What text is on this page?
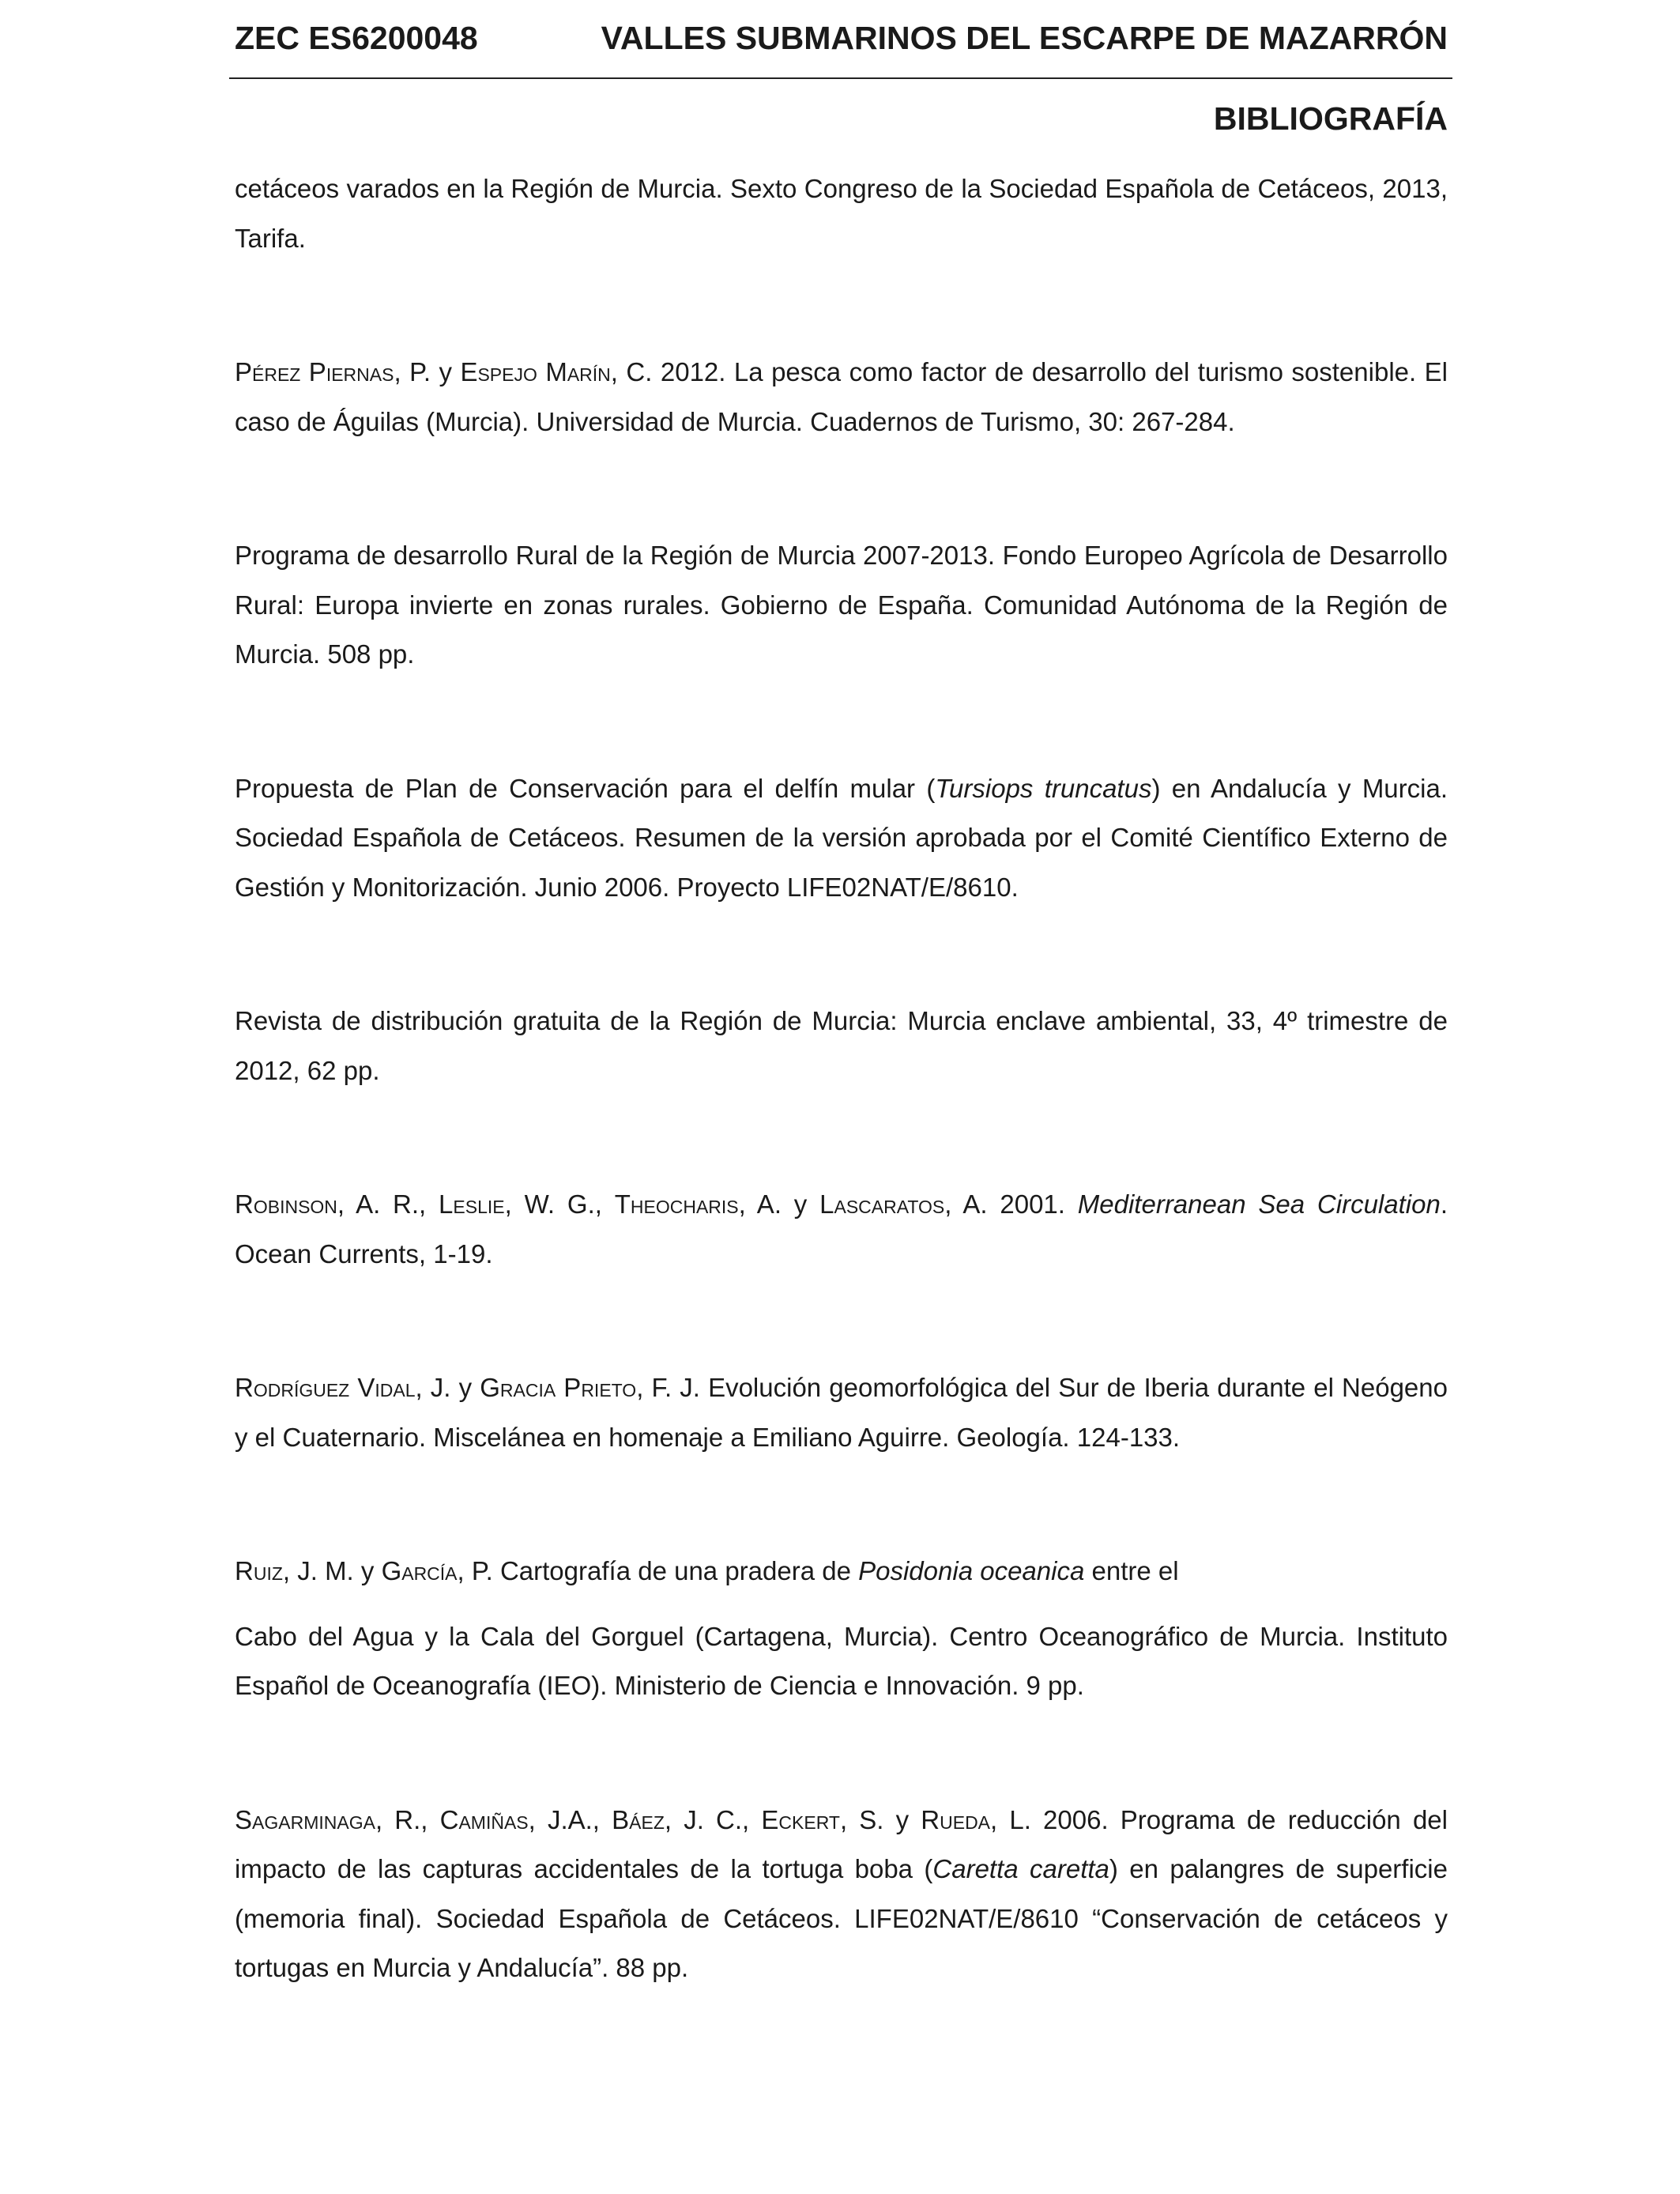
ZEC ES6200048	VALLES SUBMARINOS DEL ESCARPE DE MAZARRÓN
BIBLIOGRAFÍA

cetáceos varados en la Región de Murcia. Sexto Congreso de la Sociedad Española de Cetáceos, 2013, Tarifa.

Pérez Piernas, P. y Espejo Marín, C. 2012. La pesca como factor de desarrollo del turismo sostenible. El caso de Águilas (Murcia). Universidad de Murcia. Cuadernos de Turismo, 30: 267-284.

Programa de desarrollo Rural de la Región de Murcia 2007-2013. Fondo Europeo Agrícola de Desarrollo Rural: Europa invierte en zonas rurales. Gobierno de España. Comunidad Autónoma de la Región de Murcia. 508 pp.

Propuesta de Plan de Conservación para el delfín mular (Tursiops truncatus) en Andalucía y Murcia. Sociedad Española de Cetáceos. Resumen de la versión aprobada por el Comité Científico Externo de Gestión y Monitorización. Junio 2006. Proyecto LIFE02NAT/E/8610.

Revista de distribución gratuita de la Región de Murcia: Murcia enclave ambiental, 33, 4º trimestre de 2012, 62 pp.

Robinson, A. R., Leslie, W. G., Theocharis, A. y Lascaratos, A. 2001. Mediterranean Sea Circulation. Ocean Currents, 1-19.

Rodríguez Vidal, J. y Gracia Prieto, F. J. Evolución geomorfológica del Sur de Iberia durante el Neógeno y el Cuaternario. Miscelánea en homenaje a Emiliano Aguirre. Geología. 124-133.

Ruiz, J. M. y García, P. Cartografía de una pradera de Posidonia oceanica entre el

Cabo del Agua y la Cala del Gorguel (Cartagena, Murcia). Centro Oceanográfico de Murcia. Instituto Español de Oceanografía (IEO). Ministerio de Ciencia e Innovación. 9 pp.

Sagarminaga, R., Camiñas, J.A., Báez, J. C., Eckert, S. y Rueda, L. 2006. Programa de reducción del impacto de las capturas accidentales de la tortuga boba (Caretta caretta) en palangres de superficie (memoria final). Sociedad Española de Cetáceos. LIFE02NAT/E/8610 “Conservación de cetáceos y tortugas en Murcia y Andalucía”. 88 pp.
